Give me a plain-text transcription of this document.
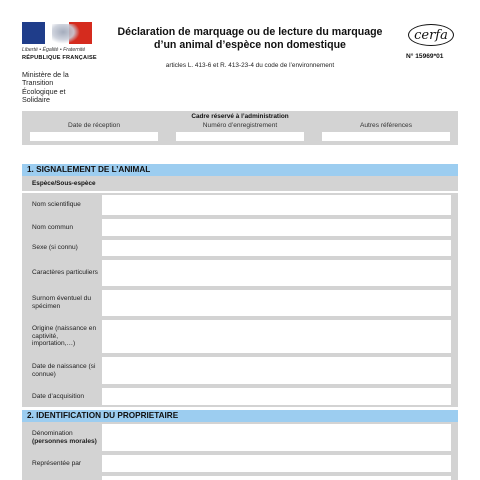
Liberté • Égalité • Fraternité
RÉPUBLIQUE FRANÇAISE
Ministère de la Transition Écologique et Solidaire
Déclaration de marquage ou de lecture du marquage
d’un animal d’espèce non domestique
articles L. 413-6 et R. 413-23-4 du code de l’environnement
cerfa
N° 15969*01
Cadre réservé à l’administration
Date de réception	Numéro d’enregistrement	Autres références
1. SIGNALEMENT DE L’ANIMAL
Espèce/Sous-espèce
Nom scientifique
Nom commun
Sexe (si connu)
Caractères particuliers
Surnom éventuel du spécimen
Origine (naissance en captivité, importation,…)
Date de naissance (si connue)
Date d’acquisition
2. IDENTIFICATION DU PROPRIETAIRE
Dénomination
(personnes morales)
Représentée par
